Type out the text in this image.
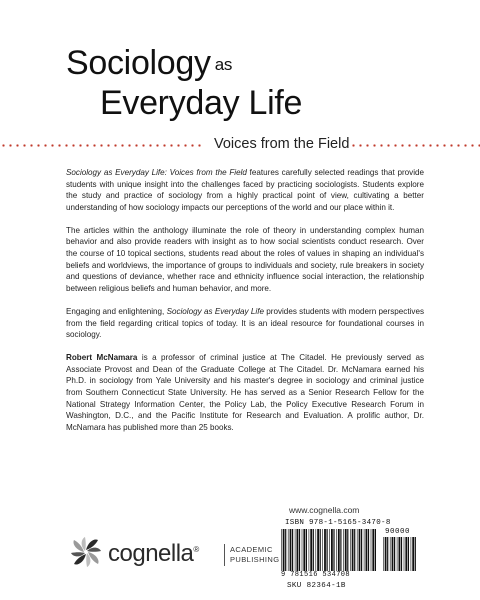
Sociology as
Everyday Life
Voices from the Field

Sociology as Everyday Life: Voices from the Field features carefully selected readings that provide students with unique insight into the challenges faced by practicing sociologists. Students explore the study and practice of sociology from a highly practical point of view, cultivating a better understanding of how sociology impacts our perceptions of the world and our place within it.

The articles within the anthology illuminate the role of theory in understanding complex human behavior and also provide readers with insight as to how social scientists conduct research. Over the course of 10 topical sections, students read about the roles of values in shaping an individual's beliefs and worldviews, the importance of groups to individuals and society, rule breakers in society and questions of deviance, whether race and ethnicity influence social interaction, the relationship between religious beliefs and human behavior, and more.

Engaging and enlightening, Sociology as Everyday Life provides students with modern perspectives from the field regarding critical topics of today. It is an ideal resource for foundational courses in sociology.

Robert McNamara is a professor of criminal justice at The Citadel. He previously served as Associate Provost and Dean of the Graduate College at The Citadel. Dr. McNamara earned his Ph.D. in sociology from Yale University and his master's degree in sociology and criminal justice from Southern Connecticut State University. He has served as a Senior Research Fellow for the National Strategy Information Center, the Policy Lab, the Policy Executive Research Forum in Washington, D.C., and the Pacific Institute for Research and Evaluation. A prolific author, Dr. McNamara has published more than 25 books.

www.cognella.com
ISBN 978-1-5165-3470-8
90000
9 781516 534708
SKU 82364-1B
cognella®	ACADEMIC
PUBLISHING
